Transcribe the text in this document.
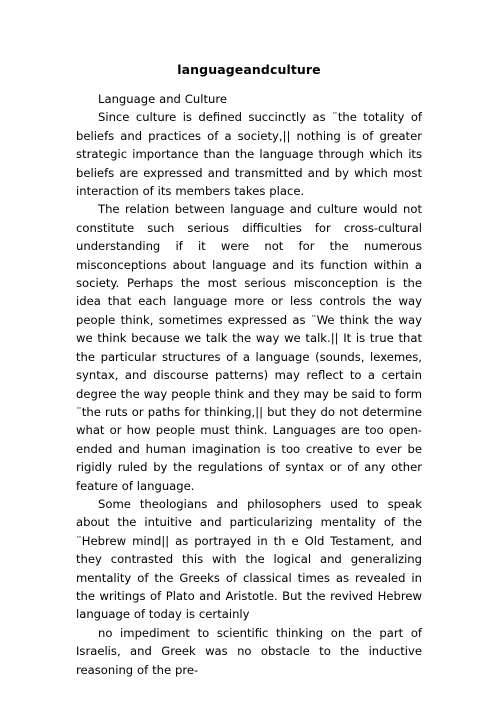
languageandculture

Language and Culture

Since culture is defined succinctly as ¨the totality of beliefs and practices of a society,|| nothing is of greater strategic importance than the language through which its beliefs are expressed and transmitted and by which most interaction of its members takes place.

The relation between language and culture would not constitute such serious difficulties for cross-cultural understanding if it were not for the numerous misconceptions about language and its function within a society. Perhaps the most serious misconception is the idea that each language more or less controls the way people think, sometimes expressed as ¨We think the way we think because we talk the way we talk.|| It is true that the particular structures of a language (sounds, lexemes, syntax, and discourse patterns) may reflect to a certain degree the way people think and they may be said to form ¨the ruts or paths for thinking,|| but they do not determine what or how people must think. Languages are too open-ended and human imagination is too creative to ever be rigidly ruled by the regulations of syntax or of any other feature of language.

Some theologians and philosophers used to speak about the intuitive and particularizing mentality of the ¨Hebrew mind|| as portrayed in th e Old Testament, and they contrasted this with the logical and generalizing mentality of the Greeks of classical times as revealed in the writings of Plato and Aristotle. But the revived Hebrew language of today is certainly

no impediment to scientific thinking on the part of Israelis, and Greek was no obstacle to the inductive reasoning of the pre-
